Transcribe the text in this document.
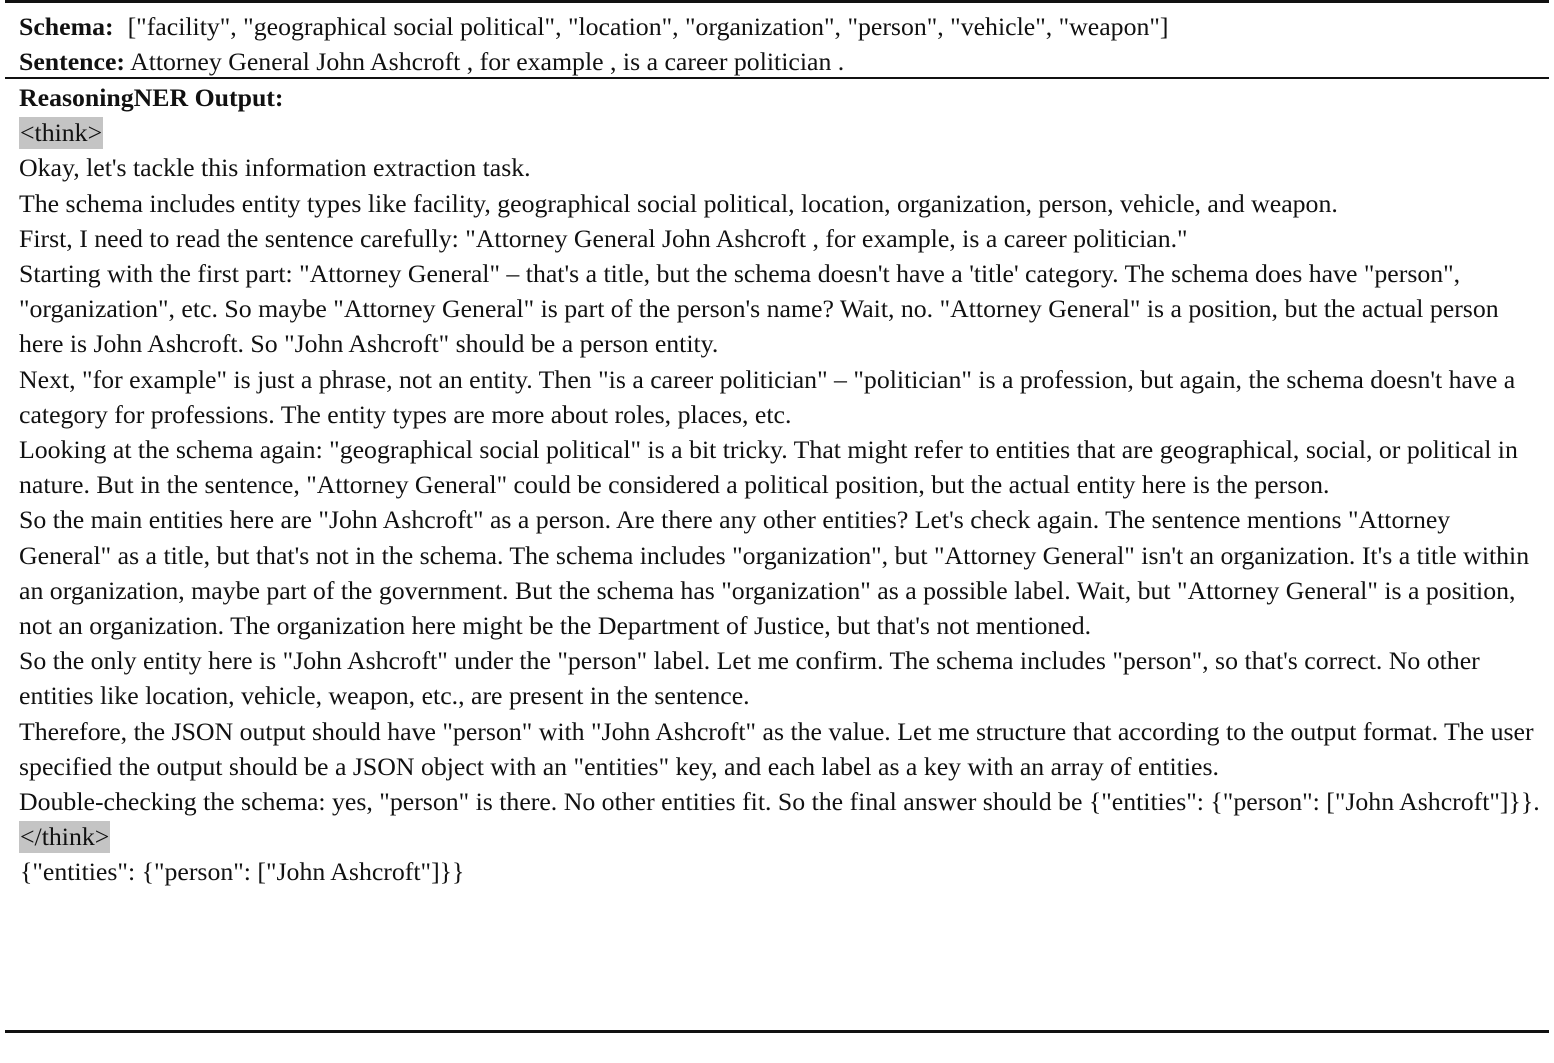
Schema: ["facility", "geographical social political", "location", "organization", "person", "vehicle", "weapon"]
Sentence: Attorney General John Ashcroft , for example , is a career politician .
ReasoningNER Output:
<think>

Okay, let's tackle this information extraction task.

The schema includes entity types like facility, geographical social political, location, organization, person, vehicle, and weapon.

First, I need to read the sentence carefully: "Attorney General John Ashcroft , for example, is a career politician."

Starting with the first part: "Attorney General" – that's a title, but the schema doesn't have a 'title' category. The schema does have "person", "organization", etc. So maybe "Attorney General" is part of the person's name? Wait, no. "Attorney General" is a position, but the actual person here is John Ashcroft. So "John Ashcroft" should be a person entity.

Next, "for example" is just a phrase, not an entity. Then "is a career politician" – "politician" is a profession, but again, the schema doesn't have a category for professions. The entity types are more about roles, places, etc.

Looking at the schema again: "geographical social political" is a bit tricky. That might refer to entities that are geographical, social, or political in nature. But in the sentence, "Attorney General" could be considered a political position, but the actual entity here is the person.

So the main entities here are "John Ashcroft" as a person. Are there any other entities? Let's check again. The sentence mentions "Attorney General" as a title, but that's not in the schema. The schema includes "organization", but "Attorney General" isn't an organization. It's a title within an organization, maybe part of the government. But the schema has "organization" as a possible label. Wait, but "Attorney General" is a position, not an organization. The organization here might be the Department of Justice, but that's not mentioned.

So the only entity here is "John Ashcroft" under the "person" label. Let me confirm. The schema includes "person", so that's correct. No other entities like location, vehicle, weapon, etc., are present in the sentence.

Therefore, the JSON output should have "person" with "John Ashcroft" as the value. Let me structure that according to the output format. The user specified the output should be a JSON object with an "entities" key, and each label as a key with an array of entities.

Double-checking the schema: yes, "person" is there. No other entities fit. So the final answer should be {"entities": {"person": ["John Ashcroft"]}}.

</think>
{"entities": {"person": ["John Ashcroft"]}}
